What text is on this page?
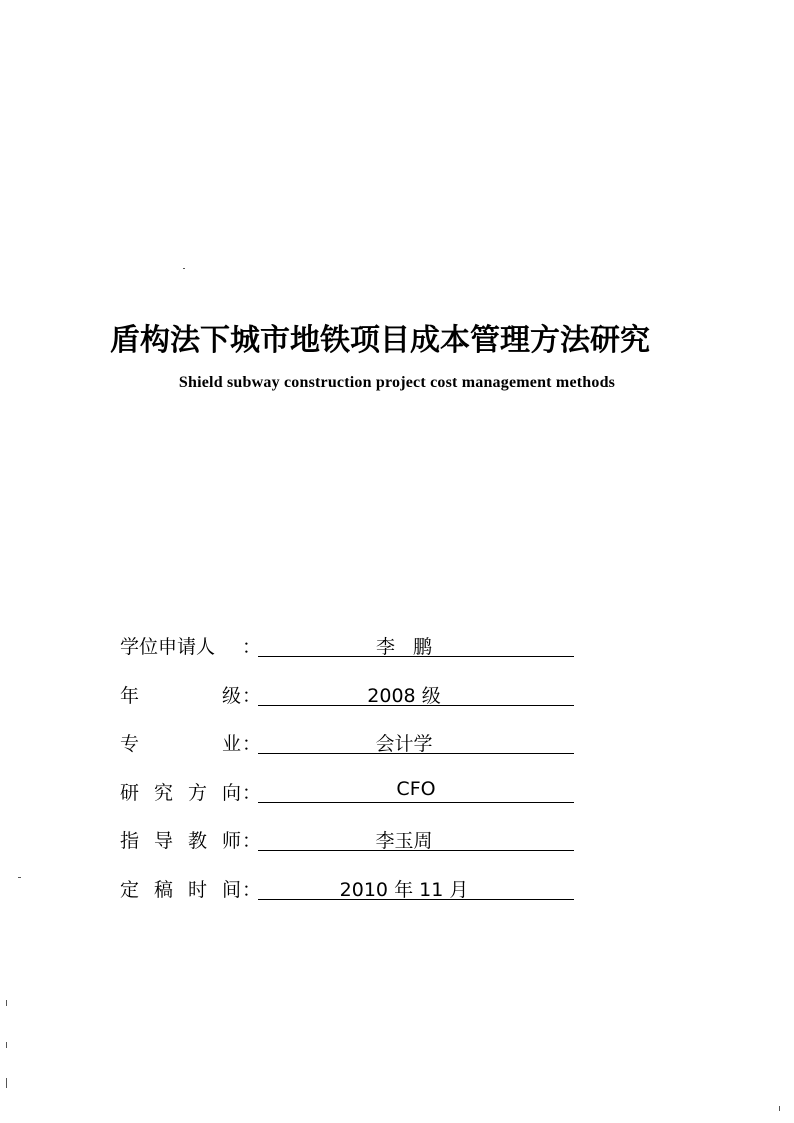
盾构法下城市地铁项目成本管理方法研究
Shield subway construction project cost management methods
学位申请人 ：	李   鹏
年	级 ：	2008 级
专	业 ：	会计学
研 究 方 向 ：	CFO
指 导 教 师 ：	李玉周
定 稿 时 间 ：	2010 年 11 月
